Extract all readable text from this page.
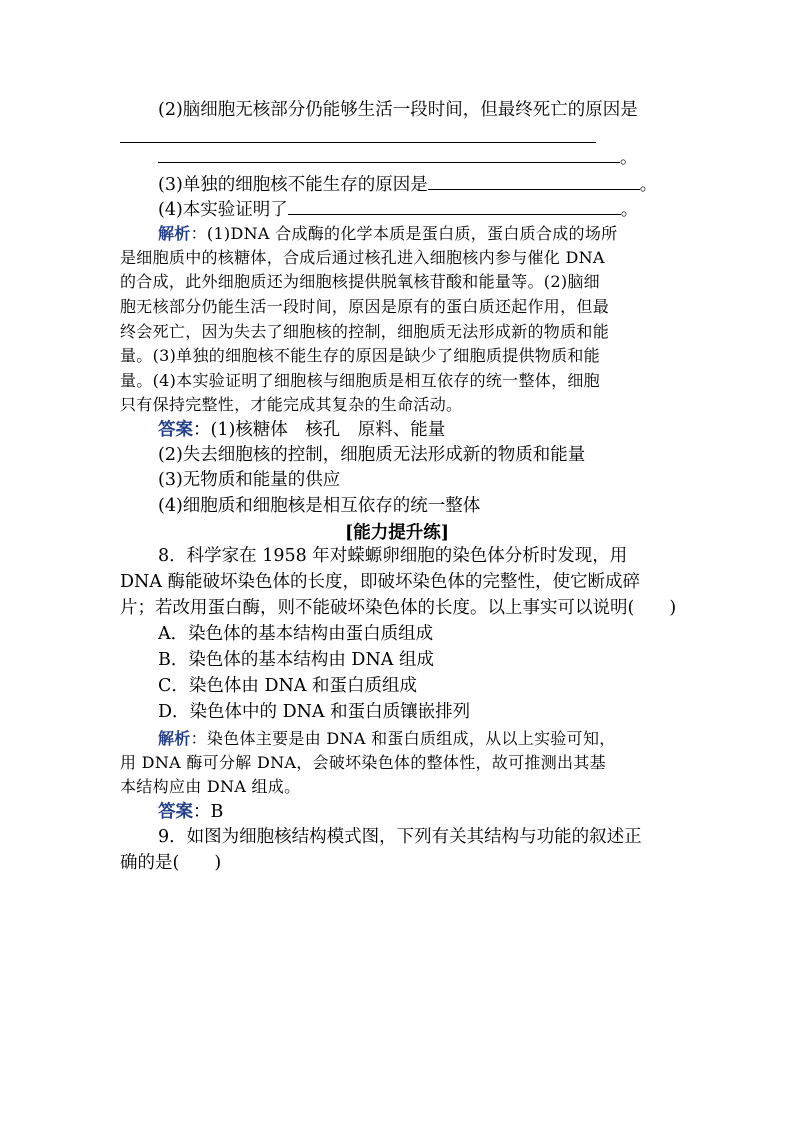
(2)脑细胞无核部分仍能够生活一段时间，但最终死亡的原因是
。
(3)单独的细胞核不能生存的原因是	。
(4)本实验证明了	。
解析：(1)DNA 合成酶的化学本质是蛋白质，蛋白质合成的场所
是细胞质中的核糖体，合成后通过核孔进入细胞核内参与催化 DNA
的合成，此外细胞质还为细胞核提供脱氧核苷酸和能量等。(2)脑细
胞无核部分仍能生活一段时间，原因是原有的蛋白质还起作用，但最
终会死亡，因为失去了细胞核的控制，细胞质无法形成新的物质和能
量。(3)单独的细胞核不能生存的原因是缺少了细胞质提供物质和能
量。(4)本实验证明了细胞核与细胞质是相互依存的统一整体，细胞
只有保持完整性，才能完成其复杂的生命活动。
答案：(1)核糖体　核孔　原料、能量
(2)失去细胞核的控制，细胞质无法形成新的物质和能量
(3)无物质和能量的供应
(4)细胞质和细胞核是相互依存的统一整体
[能力提升练]
8．科学家在 1958 年对蝾螈卵细胞的染色体分析时发现，用
DNA 酶能破坏染色体的长度，即破坏染色体的完整性，使它断成碎
片；若改用蛋白酶，则不能破坏染色体的长度。以上事实可以说明(　　)
A．染色体的基本结构由蛋白质组成
B．染色体的基本结构由 DNA 组成
C．染色体由 DNA 和蛋白质组成
D．染色体中的 DNA 和蛋白质镶嵌排列
解析：染色体主要是由 DNA 和蛋白质组成，从以上实验可知，
用 DNA 酶可分解 DNA，会破坏染色体的整体性，故可推测出其基
本结构应由 DNA 组成。
答案：B
9．如图为细胞核结构模式图，下列有关其结构与功能的叙述正
确的是(　　)
